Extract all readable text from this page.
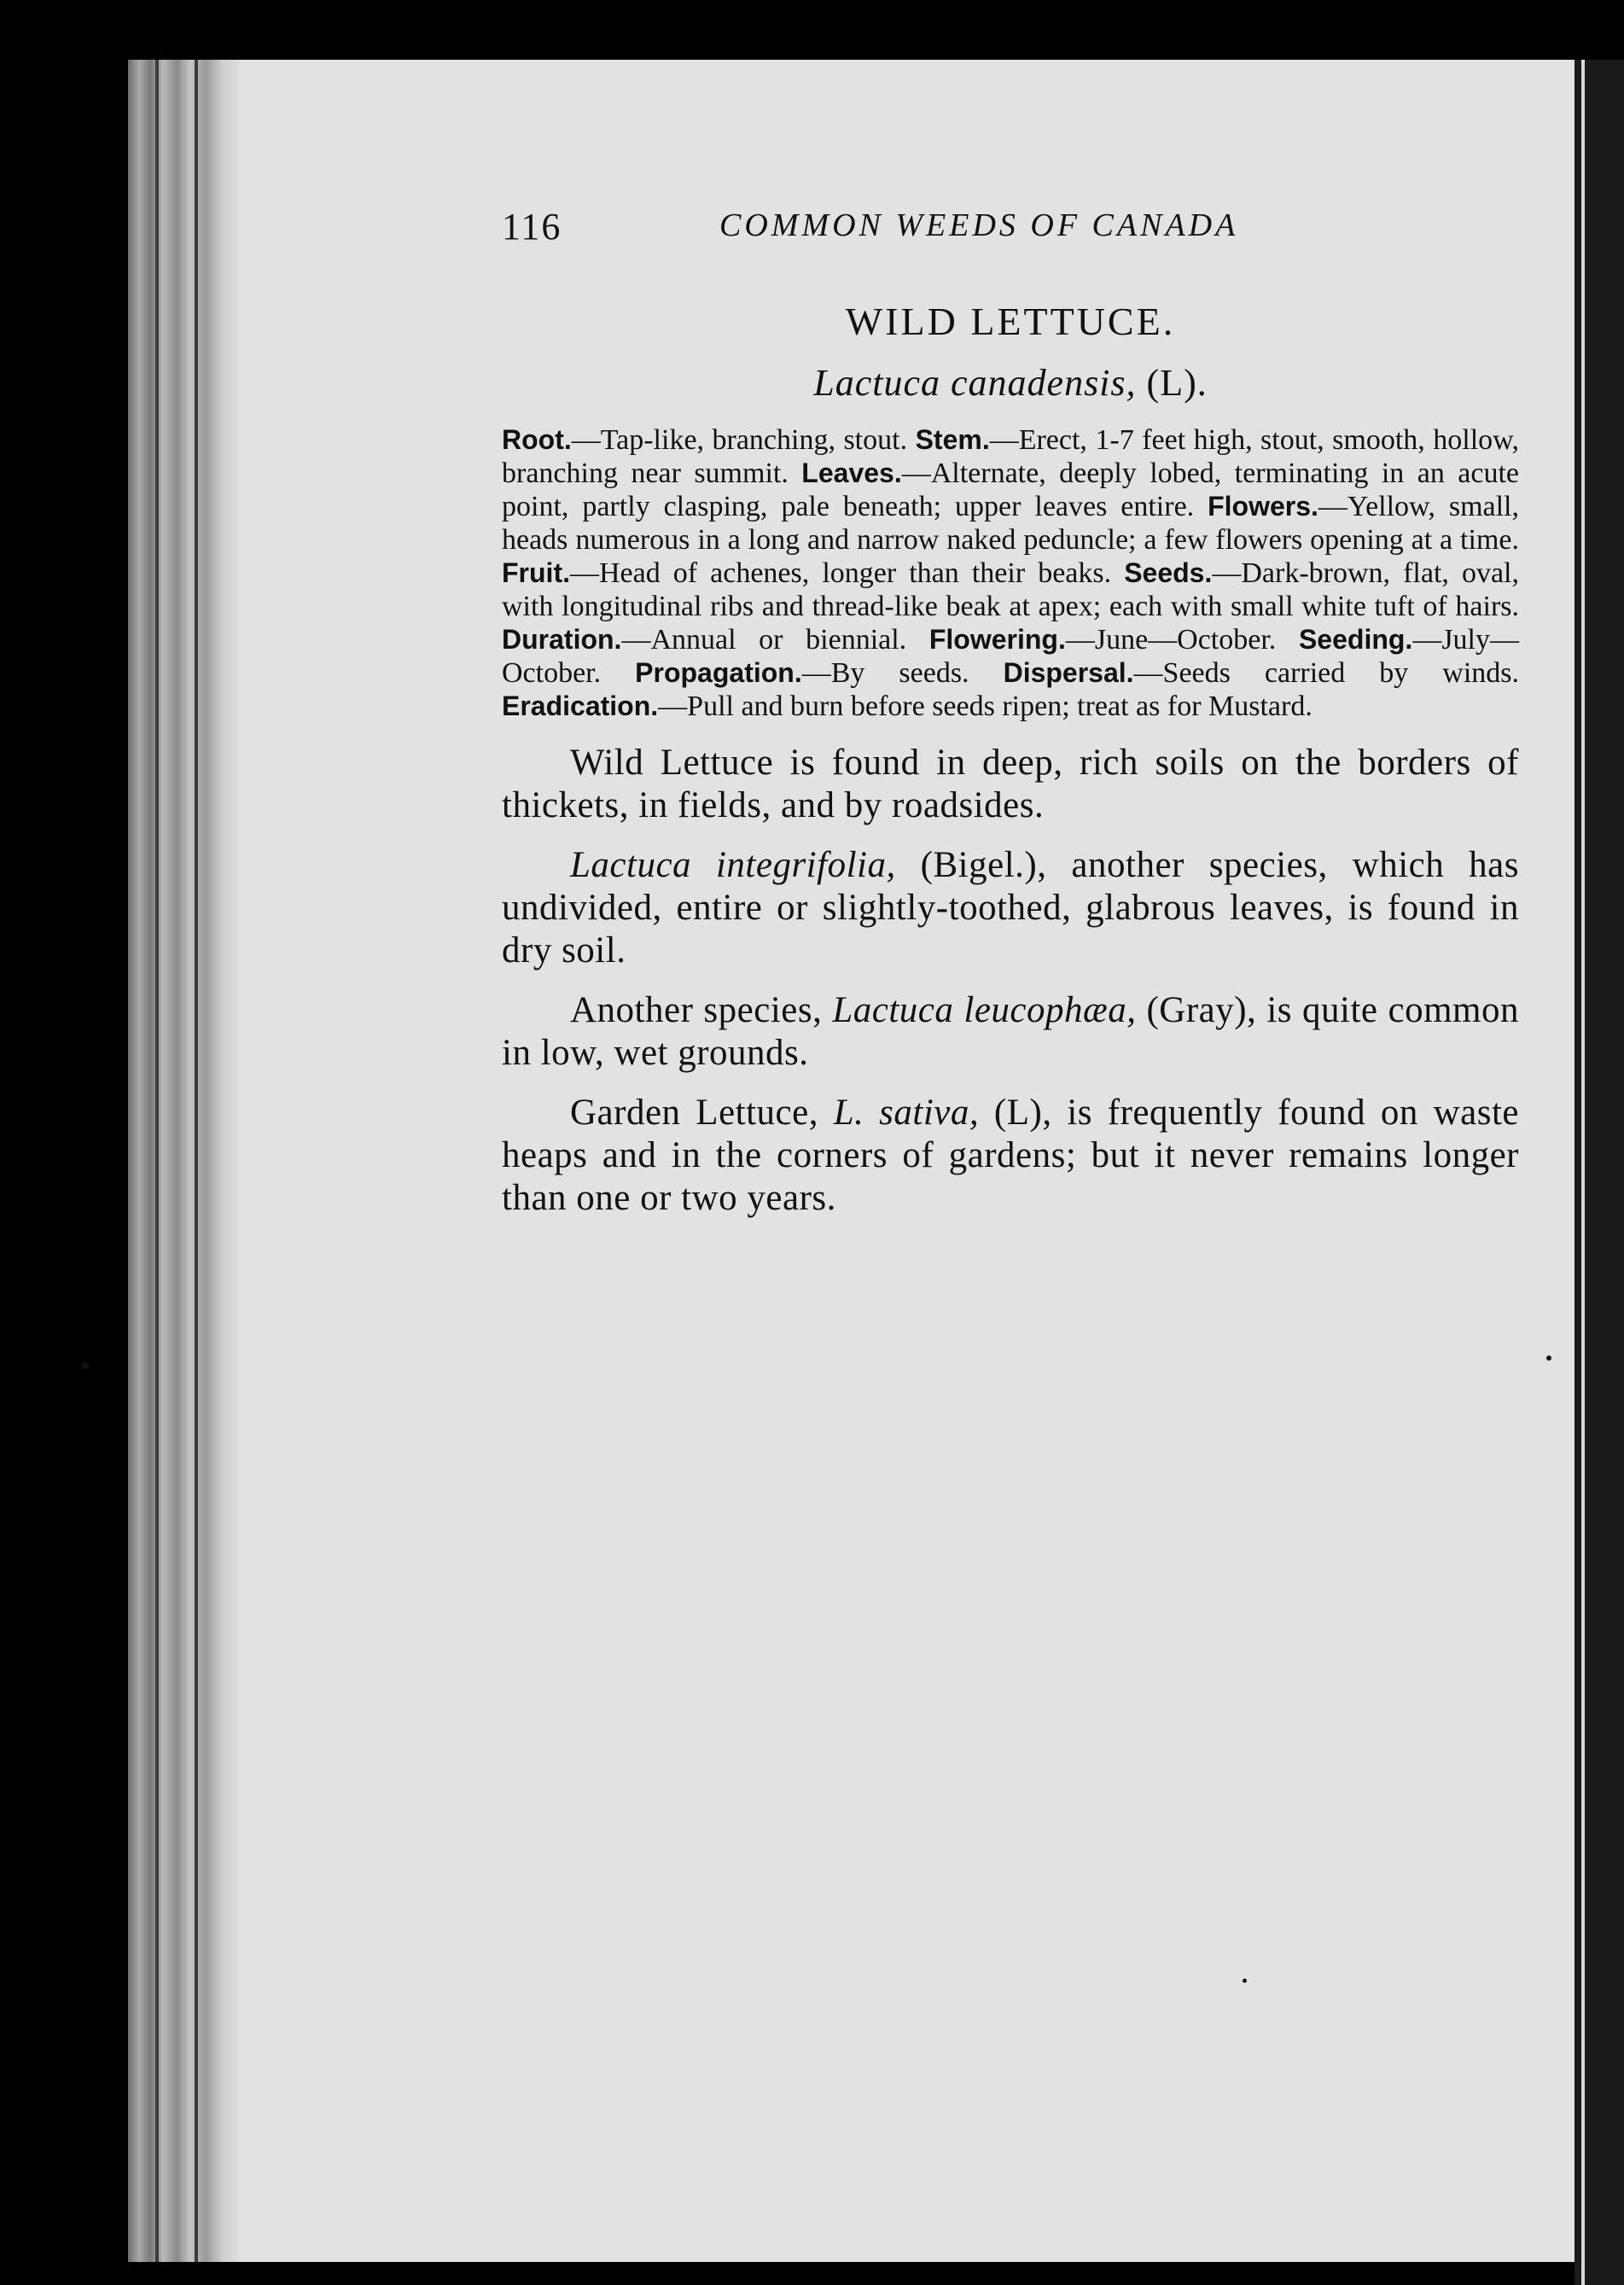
116	COMMON WEEDS OF CANADA
WILD LETTUCE.
Lactuca canadensis, (L).

Root.—Tap-like, branching, stout. Stem.—Erect, 1-7 feet high, stout, smooth, hollow, branching near summit. Leaves.—Alternate, deeply lobed, terminating in an acute point, partly clasping, pale beneath; upper leaves entire. Flowers.—Yellow, small, heads numerous in a long and narrow naked peduncle; a few flowers opening at a time. Fruit.—Head of achenes, longer than their beaks. Seeds.—Dark-brown, flat, oval, with longitudinal ribs and thread-like beak at apex; each with small white tuft of hairs. Duration.—Annual or biennial. Flowering.—June—October. Seeding.—July—October. Propagation.—By seeds. Dispersal.—Seeds carried by winds. Eradication.—Pull and burn before seeds ripen; treat as for Mustard.

Wild Lettuce is found in deep, rich soils on the borders of thickets, in fields, and by roadsides.

Lactuca integrifolia, (Bigel.), another species, which has undivided, entire or slightly-toothed, glabrous leaves, is found in dry soil.

Another species, Lactuca leucophæa, (Gray), is quite common in low, wet grounds.

Garden Lettuce, L. sativa, (L), is frequently found on waste heaps and in the corners of gardens; but it never remains longer than one or two years.
